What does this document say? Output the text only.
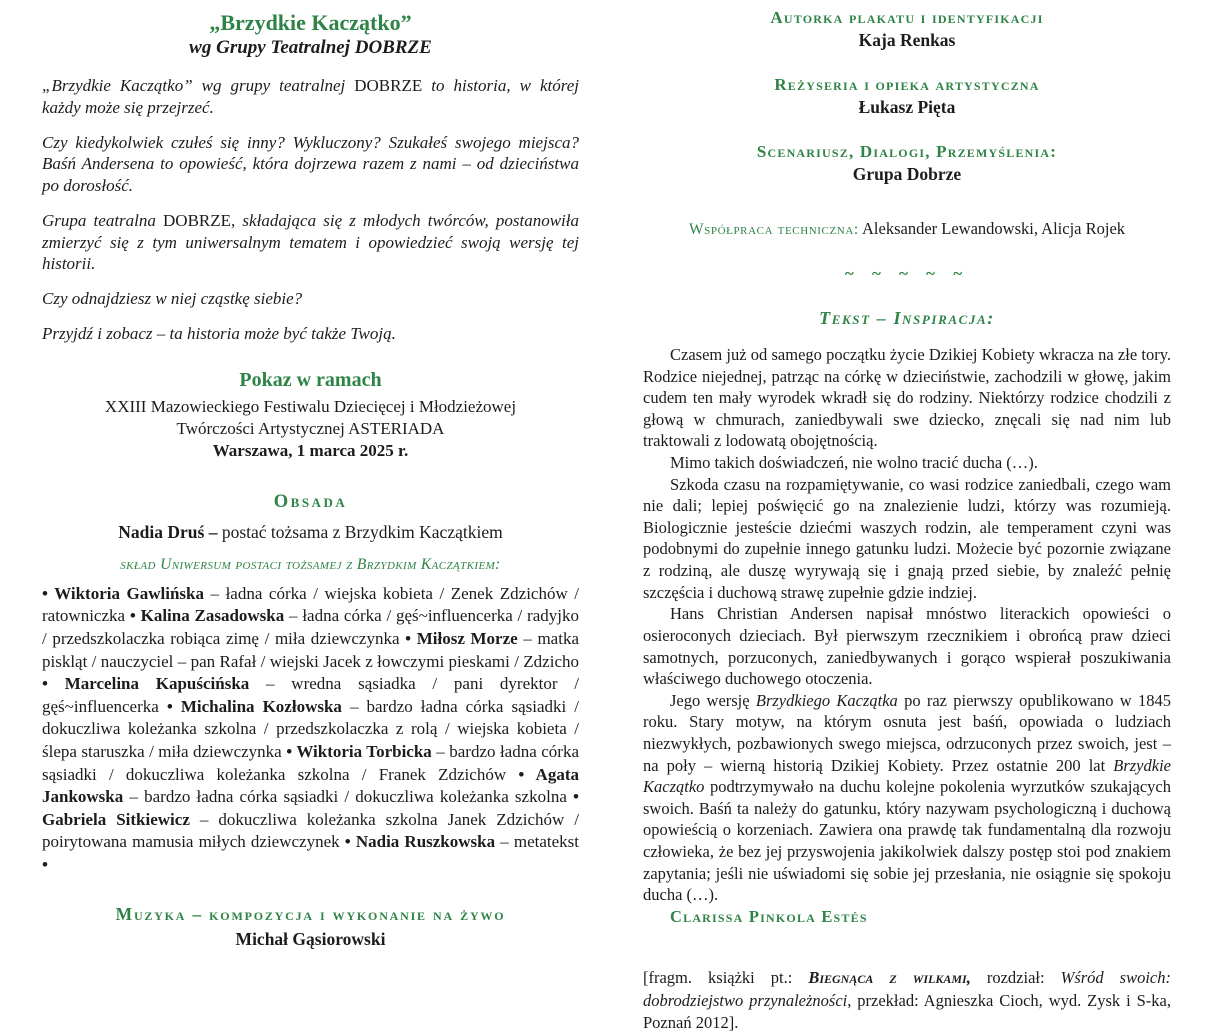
„Brzydkie Kaczątko”
wg Grupy Teatralnej DOBRZE

„Brzydkie Kaczątko” wg grupy teatralnej DOBRZE to historia, w której każdy może się przejrzeć.

Czy kiedykolwiek czułeś się inny? Wykluczony? Szukałeś swojego miejsca? Baśń Andersena to opowieść, która dojrzewa razem z nami – od dzieciństwa po dorosłość.

Grupa teatralna DOBRZE, składająca się z młodych twórców, postanowiła zmierzyć się z tym uniwersalnym tematem i opowiedzieć swoją wersję tej historii.

Czy odnajdziesz w niej cząstkę siebie?

Przyjdź i zobacz – ta historia może być także Twoją.

Pokaz w ramach

XXIII Mazowieckiego Festiwalu Dziecięcej i Młodzieżowej

Twórczości Artystycznej ASTERIADA

Warszawa, 1 marca 2025 r.

Obsada

Nadia Druś – postać tożsama z Brzydkim Kaczątkiem

skład Uniwersum postaci tożsamej z Brzydkim Kaczątkiem:

• Wiktoria Gawlińska – ładna córka / wiejska kobieta / Zenek Zdzichów / ratowniczka • Kalina Zasadowska – ładna córka / gęś~influencerka / radyjko / przedszkolaczka robiąca zimę / miła dziewczynka • Miłosz Morze – matka piskląt / nauczyciel – pan Rafał / wiejski Jacek z łowczymi pieskami / Zdzicho • Marcelina Kapuścińska – wredna sąsiadka / pani dyrektor / gęś~influencerka • Michalina Kozłowska – bardzo ładna córka sąsiadki / dokuczliwa koleżanka szkolna / przedszkolaczka z rolą / wiejska kobieta / ślepa staruszka / miła dziewczynka • Wiktoria Torbicka – bardzo ładna córka sąsiadki / dokuczliwa koleżanka szkolna / Franek Zdzichów • Agata Jankowska – bardzo ładna córka sąsiadki / dokuczliwa koleżanka szkolna • Gabriela Sitkiewicz – dokuczliwa koleżanka szkolna Janek Zdzichów / poirytowana mamusia miłych dziewczynek • Nadia Ruszkowska – metatekst •

Muzyka – kompozycja i wykonanie na żywo

Michał Gąsiorowski

Autorka plakatu i identyfikacji
Kaja Renkas
Reżyseria i opieka artystyczna
Łukasz Pięta
Scenariusz, Dialogi, Przemyślenia:
Grupa Dobrze

Współpraca techniczna: Aleksander Lewandowski, Alicja Rojek

~ ~ ~ ~ ~

Tekst – Inspiracja:

Czasem już od samego początku życie Dzikiej Kobiety wkracza na złe tory. Rodzice niejednej, patrząc na córkę w dzieciństwie, zachodzili w głowę, jakim cudem ten mały wyrodek wkradł się do rodziny. Niektórzy rodzice chodzili z głową w chmurach, zaniedbywali swe dziecko, znęcali się nad nim lub traktowali z lodowatą obojętnością.

Mimo takich doświadczeń, nie wolno tracić ducha (…).

Szkoda czasu na rozpamiętywanie, co wasi rodzice zaniedbali, czego wam nie dali; lepiej poświęcić go na znalezienie ludzi, którzy was rozumieją. Biologicznie jesteście dziećmi waszych rodzin, ale temperament czyni was podobnymi do zupełnie innego gatunku ludzi. Możecie być pozornie związane z rodziną, ale duszę wyrywają się i gnają przed siebie, by znaleźć pełnię szczęścia i duchową strawę zupełnie gdzie indziej.

Hans Christian Andersen napisał mnóstwo literackich opowieści o osieroconych dzieciach. Był pierwszym rzecznikiem i obrońcą praw dzieci samotnych, porzuconych, zaniedbywanych i gorąco wspierał poszukiwania właściwego duchowego otoczenia.

Jego wersję Brzydkiego Kaczątka po raz pierwszy opublikowano w 1845 roku. Stary motyw, na którym osnuta jest baśń, opowiada o ludziach niezwykłych, pozbawionych swego miejsca, odrzuconych przez swoich, jest – na poły – wierną historią Dzikiej Kobiety. Przez ostatnie 200 lat Brzydkie Kaczątko podtrzymywało na duchu kolejne pokolenia wyrzutków szukających swoich. Baśń ta należy do gatunku, który nazywam psychologiczną i duchową opowieścią o korzeniach. Zawiera ona prawdę tak fundamentalną dla rozwoju człowieka, że bez jej przyswojenia jakikolwiek dalszy postęp stoi pod znakiem zapytania; jeśli nie uświadomi się sobie jej przesłania, nie osiągnie się spokoju ducha (…).

Clarissa Pinkola Estés

[fragm. książki pt.: Biegnąca z wilkami, rozdział: Wśród swoich: dobrodziejstwo przynależności, przekład: Agnieszka Cioch, wyd. Zysk i S-ka, Poznań 2012].
